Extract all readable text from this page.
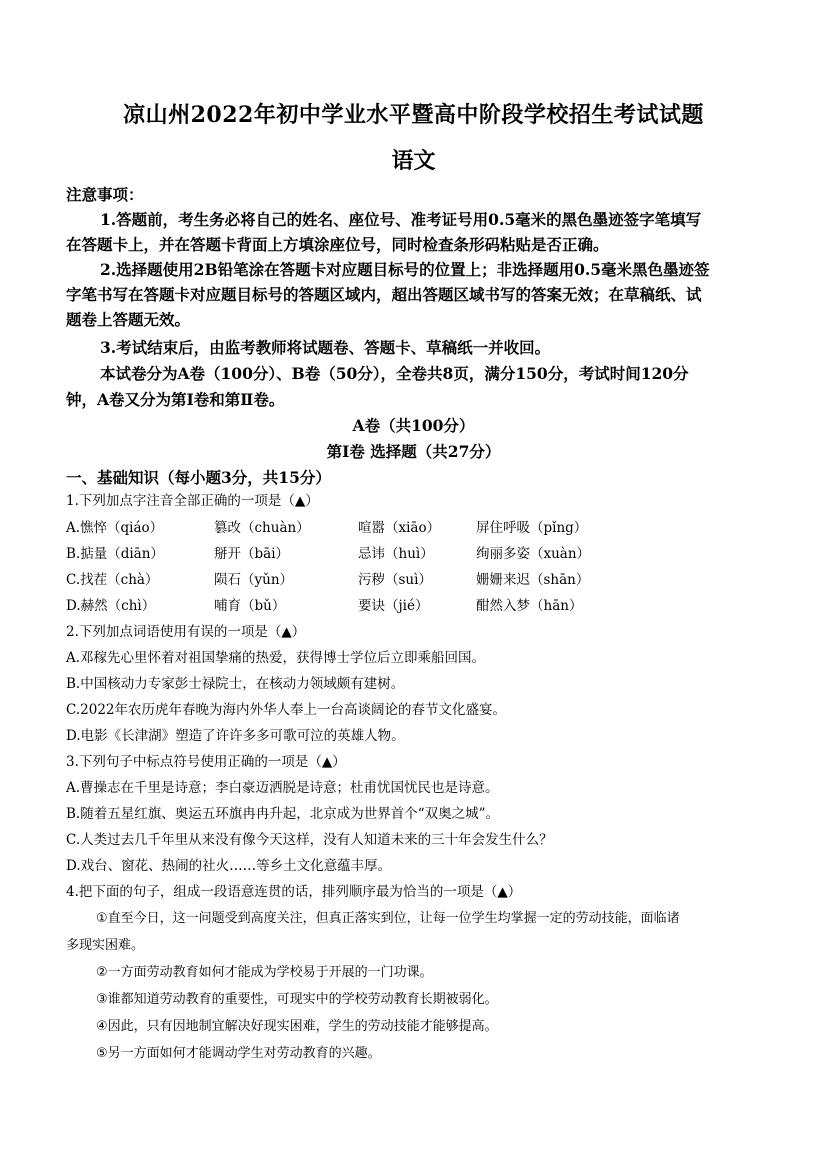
凉山州2022年初中学业水平暨高中阶段学校招生考试试题
语文
注意事项：
1.答题前，考生务必将自己的姓名、座位号、准考证号用0.5毫米的黑色墨迹签字笔填写
在答题卡上，并在答题卡背面上方填涂座位号，同时检查条形码粘贴是否正确。
2.选择题使用2B铅笔涂在答题卡对应题目标号的位置上；非选择题用0.5毫米黑色墨迹签
字笔书写在答题卡对应题目标号的答题区域内，超出答题区域书写的答案无效；在草稿纸、试
题卷上答题无效。
3.考试结束后，由监考教师将试题卷、答题卡、草稿纸一并收回。
本试卷分为A卷（100分）、B卷（50分），全卷共8页，满分150分，考试时间120分
钟，A卷又分为第Ⅰ卷和第Ⅱ卷。
A卷（共100分）
第Ⅰ卷 选择题（共27分）
一、基础知识（每小题3分，共15分）
1.下列加点字注音全部正确的一项是（▲）
A.憔悴（qiáo）	篡改（chuàn）	喧嚣（xiāo）	屏住呼吸（pǐng）
B.掂量（diān）	掰开（bāi）	忌讳（huì）	绚丽多姿（xuàn）
C.找茬（chà）	陨石（yǔn）	污秽（suì）	姗姗来迟（shān）
D.赫然（chì）	哺育（bǔ）	要诀（jié）	酣然入梦（hān）
2.下列加点词语使用有误的一项是（▲）
A.邓稼先心里怀着对祖国挚痛的热爱，获得博士学位后立即乘船回国。
B.中国核动力专家彭士禄院士，在核动力领域颇有建树。
C.2022年农历虎年春晚为海内外华人奉上一台高谈阔论的春节文化盛宴。
D.电影《长津湖》塑造了许许多多可歌可泣的英雄人物。
3.下列句子中标点符号使用正确的一项是（▲）
A.曹操志在千里是诗意；李白豪迈洒脱是诗意；杜甫忧国忧民也是诗意。
B.随着五星红旗、奥运五环旗冉冉升起，北京成为世界首个“双奥之城”。
C.人类过去几千年里从来没有像今天这样，没有人知道未来的三十年会发生什么？
D.戏台、窗花、热闹的社火……等乡土文化意蕴丰厚。
4.把下面的句子，组成一段语意连贯的话，排列顺序最为恰当的一项是（▲）
①直至今日，这一问题受到高度关注，但真正落实到位，让每一位学生均掌握一定的劳动技能，面临诸
多现实困难。
②一方面劳动教育如何才能成为学校易于开展的一门功课。
③谁都知道劳动教育的重要性，可现实中的学校劳动教育长期被弱化。
④因此，只有因地制宜解决好现实困难，学生的劳动技能才能够提高。
⑤另一方面如何才能调动学生对劳动教育的兴趣。
